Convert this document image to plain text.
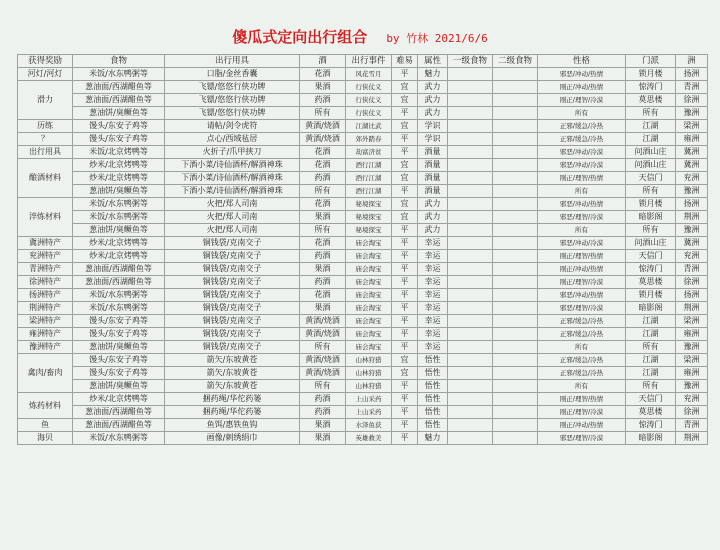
傻瓜式定向出行组合 by 竹林 2021/6/6
获得奖励	食物	出行用具	酒	出行事件	难易	属性	一级食物	二级食物	性格	门派	洲
河灯/河灯	米饭/水东鸭粥等	口脂/金丝香囊	花酒	风花雪月	平	魅力			邪恶/冲动/热情	锁月楼	扬洲
滑力	葱油面/西湖醋鱼等	飞镖/悠悠行侠功牌	果酒	行侠仗义	宜	武力			刚正/冲动/热情	惊涛门	青洲
	葱油面/西湖醋鱼等	飞镖/悠悠行侠功牌	药酒	行侠仗义	宜	武力			刚正/理智/冷漠	莫思楼	徐洲
	葱油饼/臭鳜鱼等	飞镖/悠悠行侠功牌	所有	行侠仗义	平	武力			所有	所有	豫洲
历练	馒头/东安子鸡等	请帖/剑令虎符	黄酒/烧酒	江湖比武	宜	学识			正邪/缓急/冷热	江湖	梁洲
？	馒头/东安子鸡等	点心/西域毡居	黄酒/烧酒	郊外踏春	平	学识			正邪/缓急/冷热	江湖	雍洲
出行用具	米饭/北京烤鸭等	火折子/爪甲挟刀	花酒	劫富济贫	平	酒量			邪恶/冲动/冷漠	问酒山庄	冀洲
酿酒材料	炒米/北京烤鸭等	下酒小菜/诗仙酒杯/解酒神珠	花酒	酒行江湖	宜	酒量			邪恶/冲动/冷漠	问酒山庄	冀洲
	炒米/北京烤鸭等	下酒小菜/诗仙酒杯/解酒神珠	药酒	酒行江湖	宜	酒量			刚正/理智/热情	天信门	兖洲
	葱油饼/臭鳜鱼等	下酒小菜/诗仙酒杯/解酒神珠	所有	酒行江湖	平	酒量			所有	所有	豫洲
淬炼材料	米饭/水东鸭粥等	火把/郑人司南	花酒	秘境探宝	宜	武力			邪恶/冲动/热情	锁月楼	扬洲
	米饭/水东鸭粥等	火把/郑人司南	果酒	秘境探宝	宜	武力			邪恶/理智/冷漠	暗影阁	荆洲
	葱油饼/臭鳜鱼等	火把/郑人司南	所有	秘境探宝	平	武力			所有	所有	豫洲
冀洲特产	炒米/北京烤鸭等	铜钱袋/克南交子	花酒	庙会淘宝	平	幸运			邪恶/冲动/冷漠	问酒山庄	冀洲
兖洲特产	炒米/北京烤鸭等	铜钱袋/克南交子	药酒	庙会淘宝	平	幸运			刚正/理智/热情	天信门	兖洲
青洲特产	葱油面/西湖醋鱼等	铜钱袋/克南交子	果酒	庙会淘宝	平	幸运			刚正/冲动/热情	惊涛门	青洲
徐洲特产	葱油面/西湖醋鱼等	铜钱袋/克南交子	药酒	庙会淘宝	平	幸运			刚正/理智/冷漠	莫思楼	徐洲
扬洲特产	米饭/水东鸭粥等	铜钱袋/克南交子	花酒	庙会淘宝	平	幸运			邪恶/冲动/热情	锁月楼	扬洲
荆洲特产	米饭/水东鸭粥等	铜钱袋/克南交子	果酒	庙会淘宝	平	幸运			邪恶/理智/冷漠	暗影阁	荆洲
梁洲特产	馒头/东安子鸡等	铜钱袋/克南交子	黄酒/烧酒	庙会淘宝	平	幸运			正邪/缓急/冷热	江湖	梁洲
雍洲特产	馒头/东安子鸡等	铜钱袋/克南交子	黄酒/烧酒	庙会淘宝	平	幸运			正邪/缓急/冷热	江湖	雍洲
豫洲特产	葱油饼/臭鳜鱼等	铜钱袋/克南交子	所有	庙会淘宝	平	幸运			所有	所有	豫洲
禽肉/畜肉	馒头/东安子鸡等	箭矢/东坡黄苍	黄酒/烧酒	山林狩猎	宜	悟性			正邪/缓急/冷热	江湖	梁洲
	馒头/东安子鸡等	箭矢/东坡黄苍	黄酒/烧酒	山林狩猎	宜	悟性			正邪/缓急/冷热	江湖	雍洲
	葱油饼/臭鳜鱼等	箭矢/东坡黄苍	所有	山林狩猎	平	悟性			所有	所有	豫洲
炼药材料	炒米/北京烤鸭等	捆药绳/华佗药篓	药酒	上山采药	平	悟性			刚正/理智/热情	天信门	兖洲
	葱油面/西湖醋鱼等	捆药绳/华佗药篓	药酒	上山采药	平	悟性			刚正/理智/冷漠	莫思楼	徐洲
鱼	葱油面/西湖醋鱼等	鱼饵/惠铁鱼钩	果酒	水泽鱼获	平	悟性			刚正/冲动/热情	惊涛门	青洲
海贝	米饭/水东鸭粥等	画像/刺绣绢巾	果酒	英雄救美	平	魅力			邪恶/理智/冷漠	暗影阁	荆洲
